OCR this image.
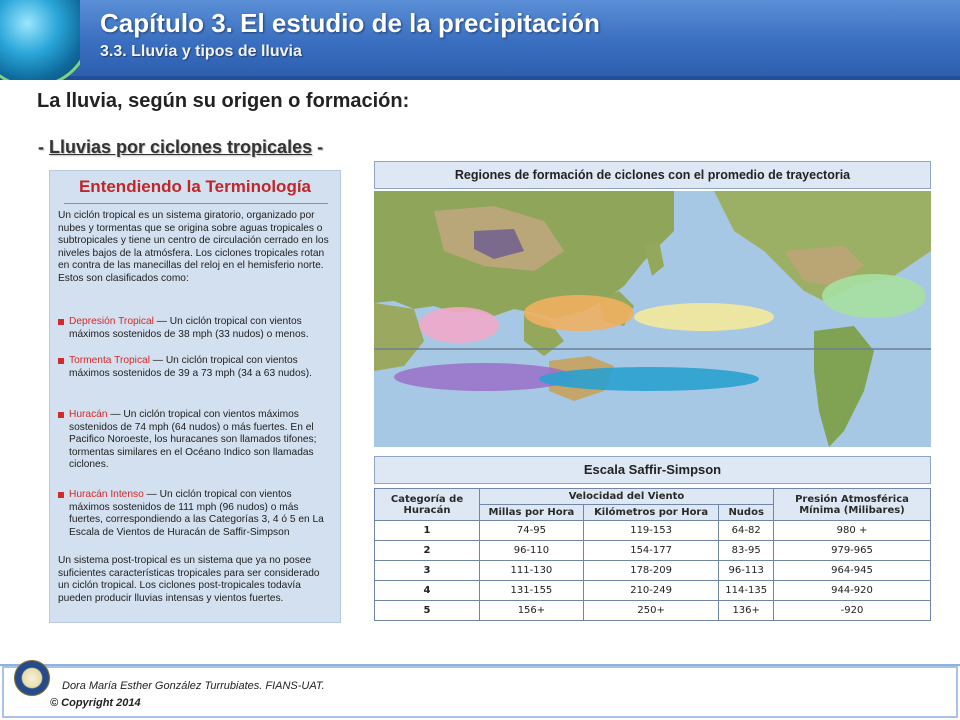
Capítulo 3. El estudio de la precipitación
3.3. Lluvia y tipos de lluvia
La lluvia, según su origen o formación:
- Lluvias por ciclones tropicales -
Entendiendo la Terminología
Un ciclón tropical es un sistema giratorio, organizado por nubes y tormentas que se origina sobre aguas tropicales o subtropicales y tiene un centro de circulación cerrado en los niveles bajos de la atmósfera. Los ciclones tropicales rotan en contra de las manecillas del reloj en el hemisferio norte. Estos son clasificados como:
Depresión Tropical — Un ciclón tropical con vientos máximos sostenidos de 38 mph (33 nudos) o menos.
Tormenta Tropical — Un ciclón tropical con vientos máximos sostenidos de 39 a 73 mph (34 a 63 nudos).
Huracán — Un ciclón tropical con vientos máximos sostenidos de 74 mph (64 nudos) o más fuertes. En el Pacifico Noroeste, los huracanes son llamados tifones; tormentas similares en el Océano Indico son llamadas ciclones.
Huracán Intenso — Un ciclón tropical con vientos máximos sostenidos de 111 mph (96 nudos) o más fuertes, correspondiendo a las Categorías 3, 4 ó 5 en La Escala de Vientos de Huracán de Saffir-Simpson
Un sistema post-tropical es un sistema que ya no posee suficientes características tropicales para ser considerado un ciclón tropical. Los ciclones post-tropicales todavía pueden producir lluvias intensas y vientos fuertes.
Regiones de formación de ciclones con el promedio de trayectoria
Escala Saffir-Simpson
Categoría de Huracán	Velocidad del Viento			Presión Atmosférica Mínima (Milibares)
	Millas por Hora	Kilómetros por Hora	Nudos	
1	74-95	119-153	64-82	980 +
2	96-110	154-177	83-95	979-965
3	111-130	178-209	96-113	964-945
4	131-155	210-249	114-135	944-920
5	156+	250+	136+	-920
Dora María Esther González Turrubiates. FIANS-UAT.
© Copyright 2014
